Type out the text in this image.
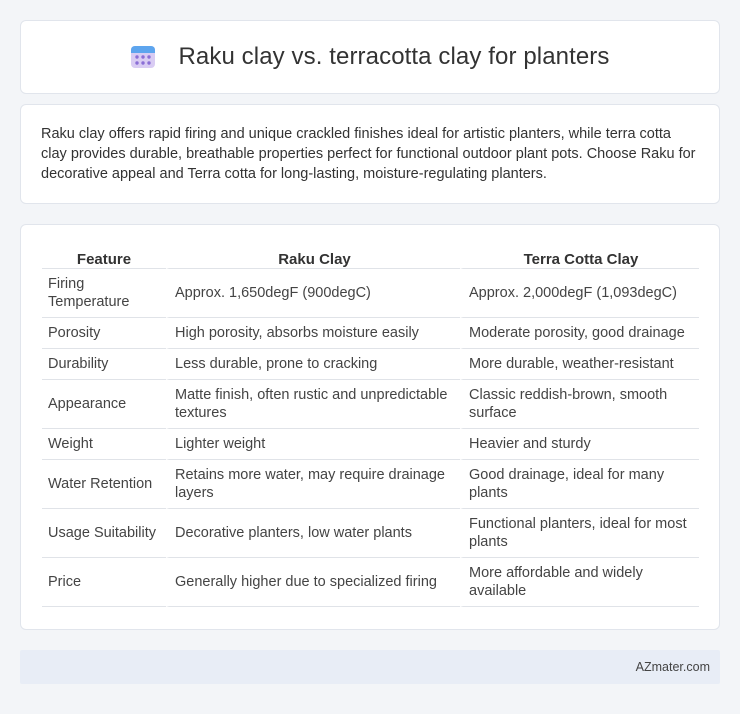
Raku clay vs. terracotta clay for planters

Raku clay offers rapid firing and unique crackled finishes ideal for artistic planters, while terra cotta clay provides durable, breathable properties perfect for functional outdoor plant pots. Choose Raku for decorative appeal and Terra cotta for long-lasting, moisture-regulating planters.

Feature	Raku Clay	Terra Cotta Clay
Firing Temperature	Approx. 1,650degF (900degC)	Approx. 2,000degF (1,093degC)
Porosity	High porosity, absorbs moisture easily	Moderate porosity, good drainage
Durability	Less durable, prone to cracking	More durable, weather-resistant
Appearance	Matte finish, often rustic and unpredictable textures	Classic reddish-brown, smooth surface
Weight	Lighter weight	Heavier and sturdy
Water Retention	Retains more water, may require drainage layers	Good drainage, ideal for many plants
Usage Suitability	Decorative planters, low water plants	Functional planters, ideal for most plants
Price	Generally higher due to specialized firing	More affordable and widely available
AZmater.com
